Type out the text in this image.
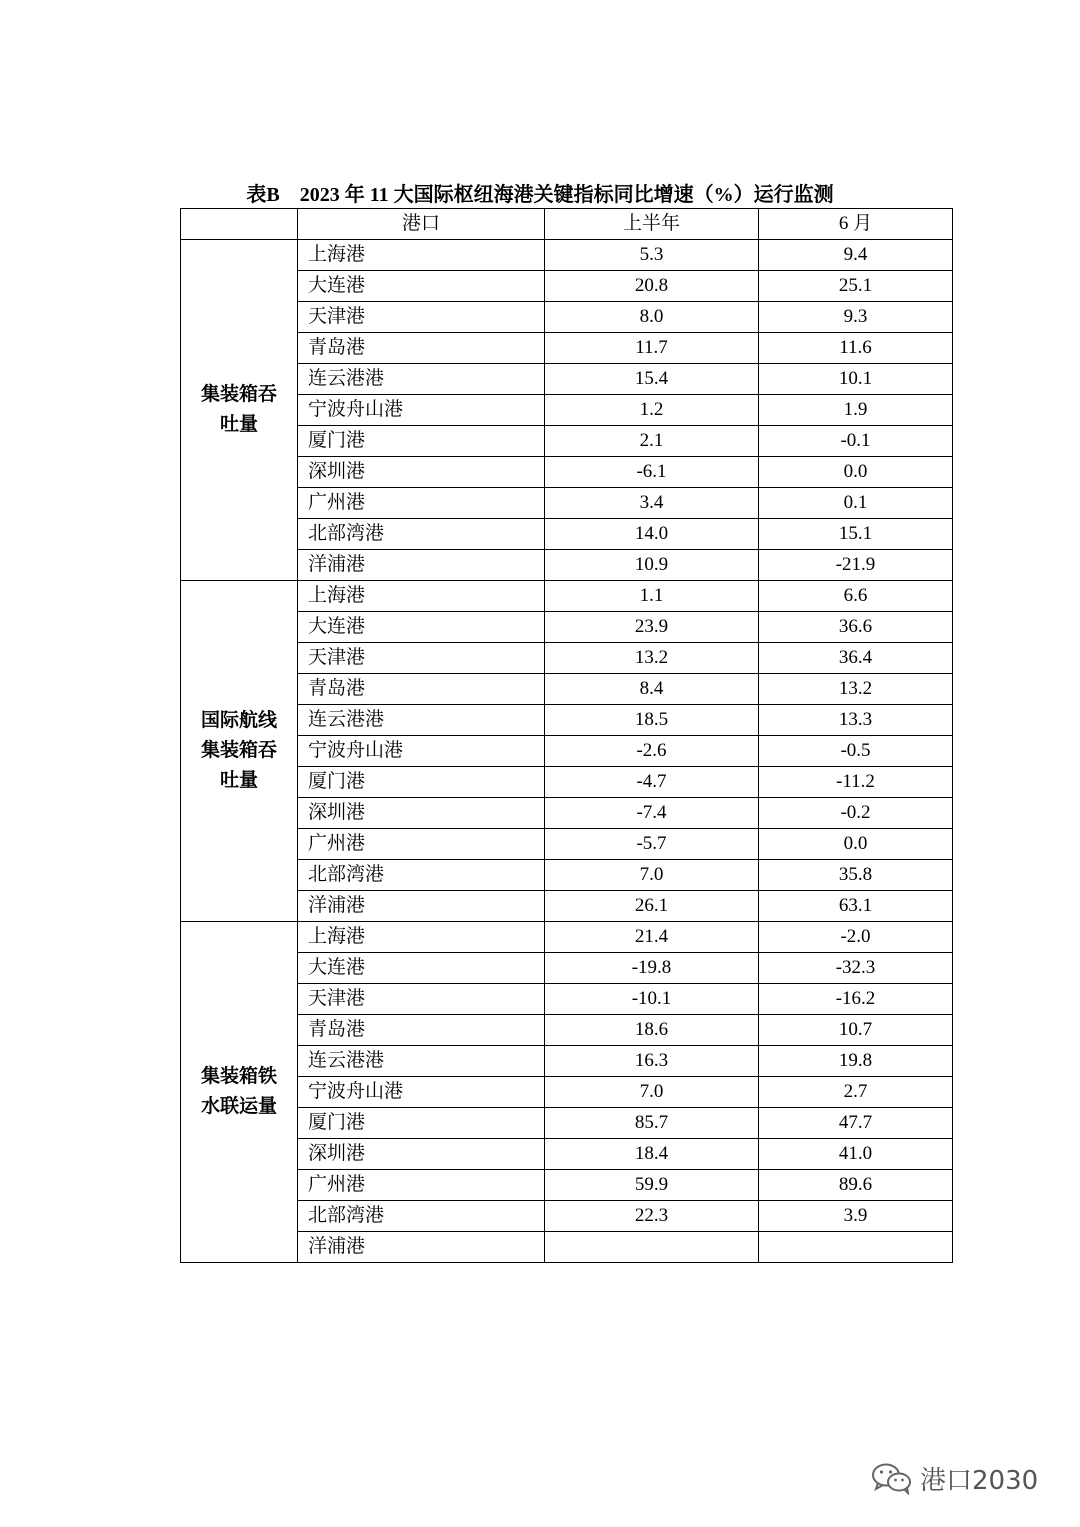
表B　2023 年 11 大国际枢纽海港关键指标同比增速（%）运行监测
	港口	上半年	6 月
集装箱吞
吐量	上海港	5.3	9.4
	大连港	20.8	25.1
	天津港	8.0	9.3
	青岛港	11.7	11.6
	连云港港	15.4	10.1
	宁波舟山港	1.2	1.9
	厦门港	2.1	-0.1
	深圳港	-6.1	0.0
	广州港	3.4	0.1
	北部湾港	14.0	15.1
	洋浦港	10.9	-21.9
国际航线
集装箱吞
吐量	上海港	1.1	6.6
	大连港	23.9	36.6
	天津港	13.2	36.4
	青岛港	8.4	13.2
	连云港港	18.5	13.3
	宁波舟山港	-2.6	-0.5
	厦门港	-4.7	-11.2
	深圳港	-7.4	-0.2
	广州港	-5.7	0.0
	北部湾港	7.0	35.8
	洋浦港	26.1	63.1
集装箱铁
水联运量	上海港	21.4	-2.0
	大连港	-19.8	-32.3
	天津港	-10.1	-16.2
	青岛港	18.6	10.7
	连云港港	16.3	19.8
	宁波舟山港	7.0	2.7
	厦门港	85.7	47.7
	深圳港	18.4	41.0
	广州港	59.9	89.6
	北部湾港	22.3	3.9
	洋浦港		
港口2030
